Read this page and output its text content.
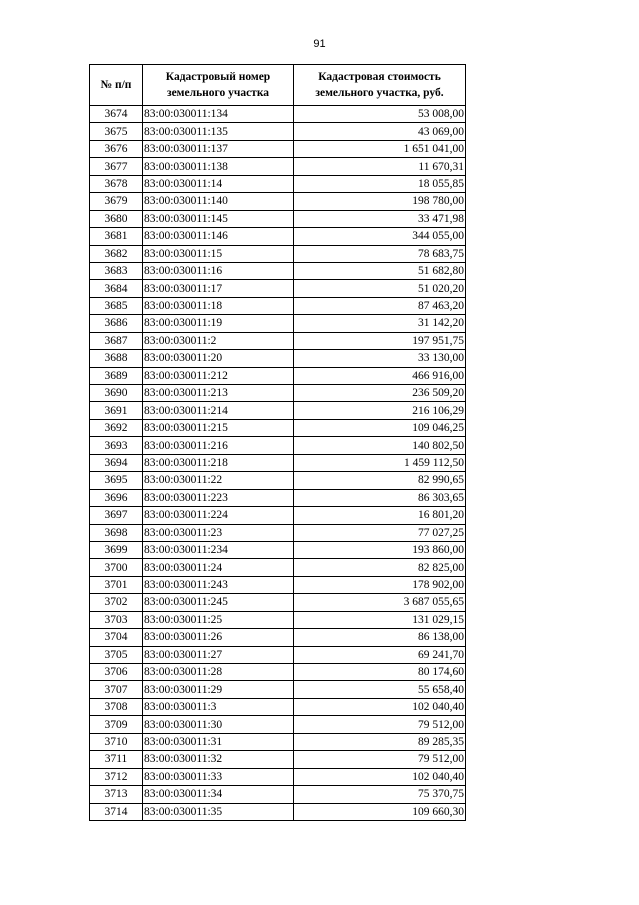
91
№ п/п	Кадастровый номер земельного участка	Кадастровая стоимость земельного участка, руб.
3674	83:00:030011:134	53 008,00
3675	83:00:030011:135	43 069,00
3676	83:00:030011:137	1 651 041,00
3677	83:00:030011:138	11 670,31
3678	83:00:030011:14	18 055,85
3679	83:00:030011:140	198 780,00
3680	83:00:030011:145	33 471,98
3681	83:00:030011:146	344 055,00
3682	83:00:030011:15	78 683,75
3683	83:00:030011:16	51 682,80
3684	83:00:030011:17	51 020,20
3685	83:00:030011:18	87 463,20
3686	83:00:030011:19	31 142,20
3687	83:00:030011:2	197 951,75
3688	83:00:030011:20	33 130,00
3689	83:00:030011:212	466 916,00
3690	83:00:030011:213	236 509,20
3691	83:00:030011:214	216 106,29
3692	83:00:030011:215	109 046,25
3693	83:00:030011:216	140 802,50
3694	83:00:030011:218	1 459 112,50
3695	83:00:030011:22	82 990,65
3696	83:00:030011:223	86 303,65
3697	83:00:030011:224	16 801,20
3698	83:00:030011:23	77 027,25
3699	83:00:030011:234	193 860,00
3700	83:00:030011:24	82 825,00
3701	83:00:030011:243	178 902,00
3702	83:00:030011:245	3 687 055,65
3703	83:00:030011:25	131 029,15
3704	83:00:030011:26	86 138,00
3705	83:00:030011:27	69 241,70
3706	83:00:030011:28	80 174,60
3707	83:00:030011:29	55 658,40
3708	83:00:030011:3	102 040,40
3709	83:00:030011:30	79 512,00
3710	83:00:030011:31	89 285,35
3711	83:00:030011:32	79 512,00
3712	83:00:030011:33	102 040,40
3713	83:00:030011:34	75 370,75
3714	83:00:030011:35	109 660,30
